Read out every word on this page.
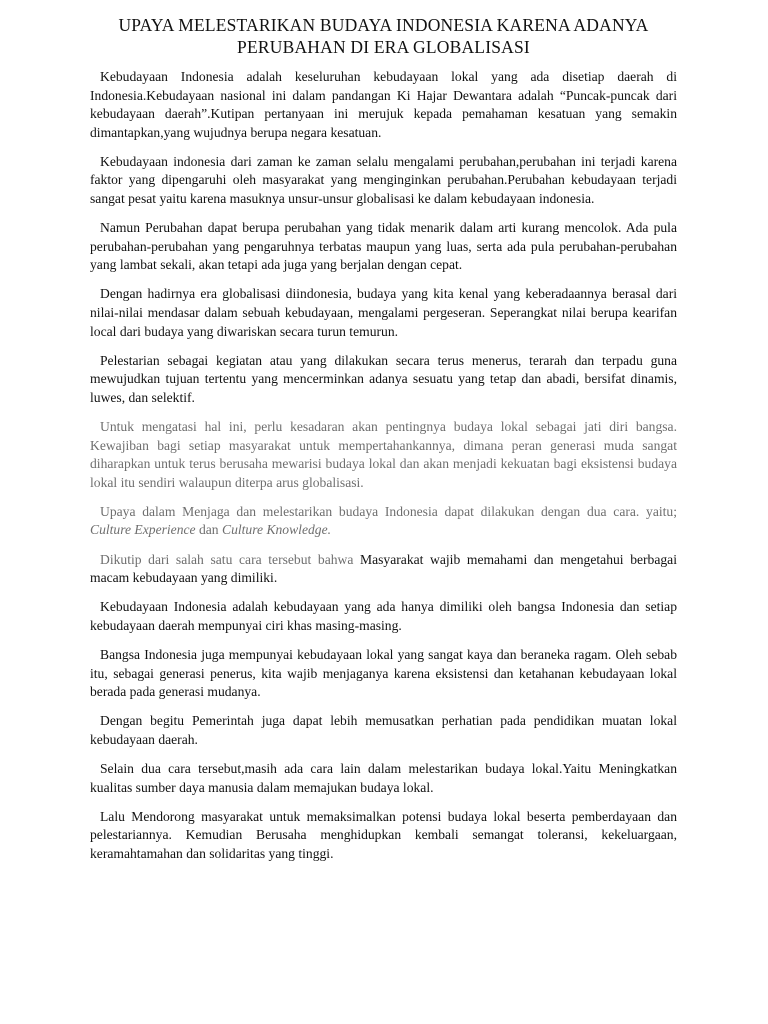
UPAYA MELESTARIKAN BUDAYA INDONESIA KARENA ADANYA
PERUBAHAN DI ERA GLOBALISASI

Kebudayaan Indonesia adalah keseluruhan kebudayaan lokal yang ada disetiap daerah di Indonesia.Kebudayaan nasional ini dalam pandangan Ki Hajar Dewantara adalah “Puncak-puncak dari kebudayaan daerah”.Kutipan pertanyaan ini merujuk kepada pemahaman kesatuan yang semakin dimantapkan,yang wujudnya berupa negara kesatuan.

Kebudayaan indonesia dari zaman ke zaman selalu mengalami perubahan,perubahan ini terjadi karena faktor yang dipengaruhi oleh masyarakat yang menginginkan perubahan.Perubahan kebudayaan terjadi sangat pesat yaitu karena masuknya unsur-unsur globalisasi ke dalam kebudayaan indonesia.

Namun Perubahan dapat berupa perubahan yang tidak menarik dalam arti kurang mencolok. Ada pula perubahan-perubahan yang pengaruhnya terbatas maupun yang luas, serta ada pula perubahan-perubahan yang lambat sekali, akan tetapi ada juga yang berjalan dengan cepat.

Dengan hadirnya era globalisasi diindonesia, budaya yang kita kenal yang keberadaannya berasal dari nilai-nilai mendasar dalam sebuah kebudayaan, mengalami pergeseran. Seperangkat nilai berupa kearifan local dari budaya yang diwariskan secara turun temurun.

Pelestarian sebagai kegiatan atau yang dilakukan secara terus menerus, terarah dan terpadu guna mewujudkan tujuan tertentu yang mencerminkan adanya sesuatu yang tetap dan abadi, bersifat dinamis, luwes, dan selektif.

Untuk mengatasi hal ini, perlu kesadaran akan pentingnya budaya lokal sebagai jati diri bangsa. Kewajiban bagi setiap masyarakat untuk mempertahankannya, dimana peran generasi muda sangat diharapkan untuk terus berusaha mewarisi budaya lokal dan akan menjadi kekuatan bagi eksistensi budaya lokal itu sendiri walaupun diterpa arus globalisasi.

Upaya dalam Menjaga dan melestarikan budaya Indonesia dapat dilakukan dengan dua cara. yaitu; Culture Experience dan Culture Knowledge.

Dikutip dari salah satu cara tersebut bahwa Masyarakat wajib memahami dan mengetahui berbagai macam kebudayaan yang dimiliki.

Kebudayaan Indonesia adalah kebudayaan yang ada hanya dimiliki oleh bangsa Indonesia dan setiap kebudayaan daerah mempunyai ciri khas masing-masing.

Bangsa Indonesia juga mempunyai kebudayaan lokal yang sangat kaya dan beraneka ragam. Oleh sebab itu, sebagai generasi penerus, kita wajib menjaganya karena eksistensi dan ketahanan kebudayaan lokal berada pada generasi mudanya.

Dengan begitu Pemerintah juga dapat lebih memusatkan perhatian pada pendidikan muatan lokal kebudayaan daerah.

Selain dua cara tersebut,masih ada cara lain dalam melestarikan budaya lokal.Yaitu Meningkatkan kualitas sumber daya manusia dalam memajukan budaya lokal.

Lalu Mendorong masyarakat untuk memaksimalkan potensi budaya lokal beserta pemberdayaan dan pelestariannya. Kemudian Berusaha menghidupkan kembali semangat toleransi, kekeluargaan, keramahtamahan dan solidaritas yang tinggi.
